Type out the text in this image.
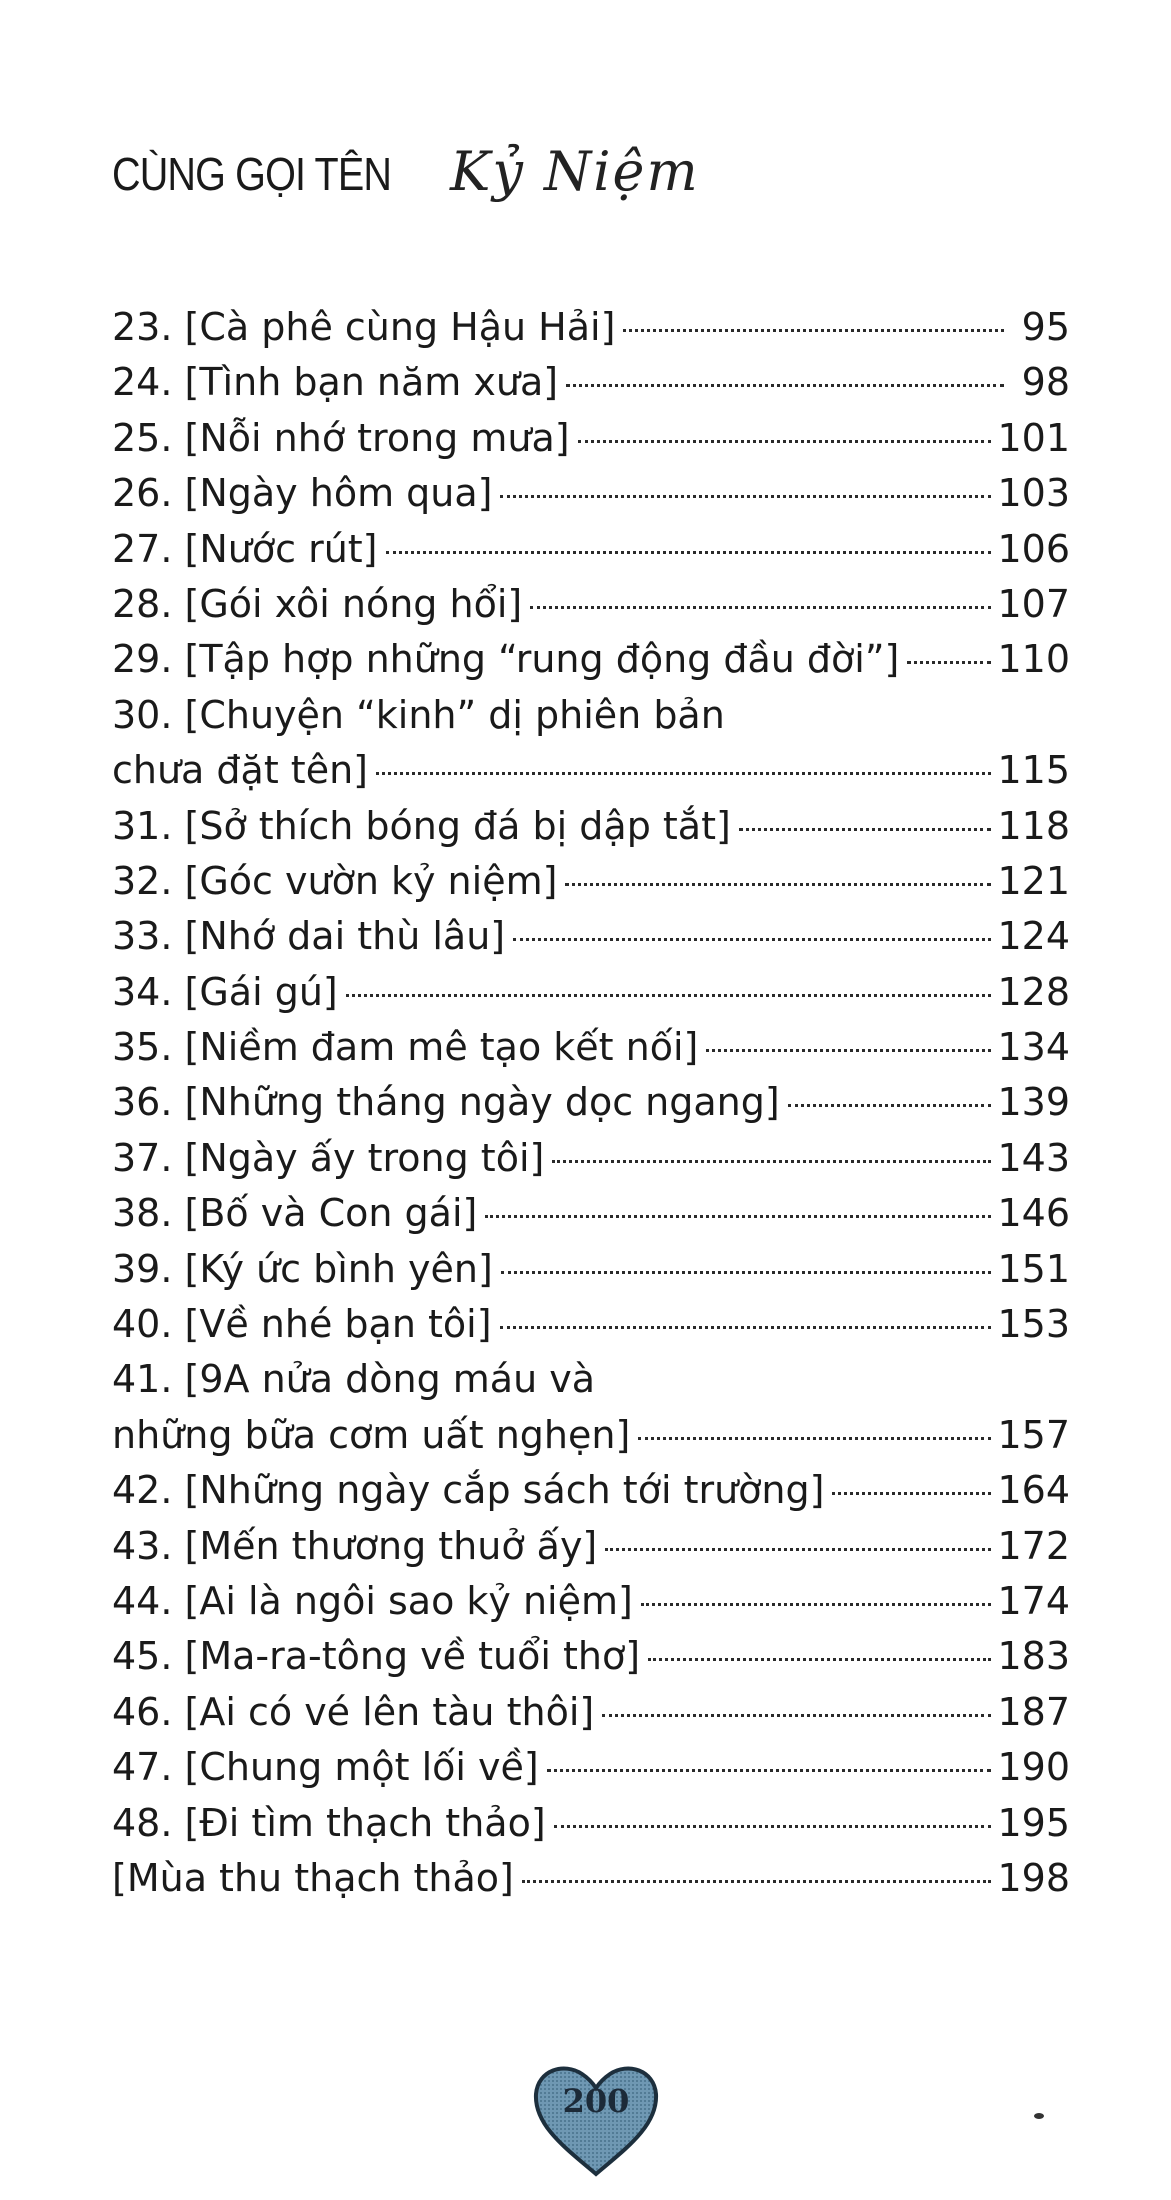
CÙNG GỌI TÊN	Kỷ Niệm
23. [Cà phê cùng Hậu Hải]	95
24. [Tình bạn năm xưa]	98
25. [Nỗi nhớ trong mưa]	101
26. [Ngày hôm qua]	103
27. [Nước rút]	106
28. [Gói xôi nóng hổi]	107
29. [Tập hợp những “rung động đầu đời”]	110
30. [Chuyện “kinh” dị phiên bản
chưa đặt tên]	115
31. [Sở thích bóng đá bị dập tắt]	118
32. [Góc vườn kỷ niệm]	121
33. [Nhớ dai thù lâu]	124
34. [Gái gú]	128
35. [Niềm đam mê tạo kết nối]	134
36. [Những tháng ngày dọc ngang]	139
37. [Ngày ấy trong tôi]	143
38. [Bố và Con gái]	146
39. [Ký ức bình yên]	151
40. [Về nhé bạn tôi]	153
41. [9A nửa dòng máu và
những bữa cơm uất nghẹn]	157
42. [Những ngày cắp sách tới trường]	164
43. [Mến thương thuở ấy]	172
44. [Ai là ngôi sao kỷ niệm]	174
45. [Ma-ra-tông về tuổi thơ]	183
46. [Ai có vé lên tàu thôi]	187
47. [Chung một lối về]	190
48. [Đi tìm thạch thảo]	195
[Mùa thu thạch thảo]	198
200
